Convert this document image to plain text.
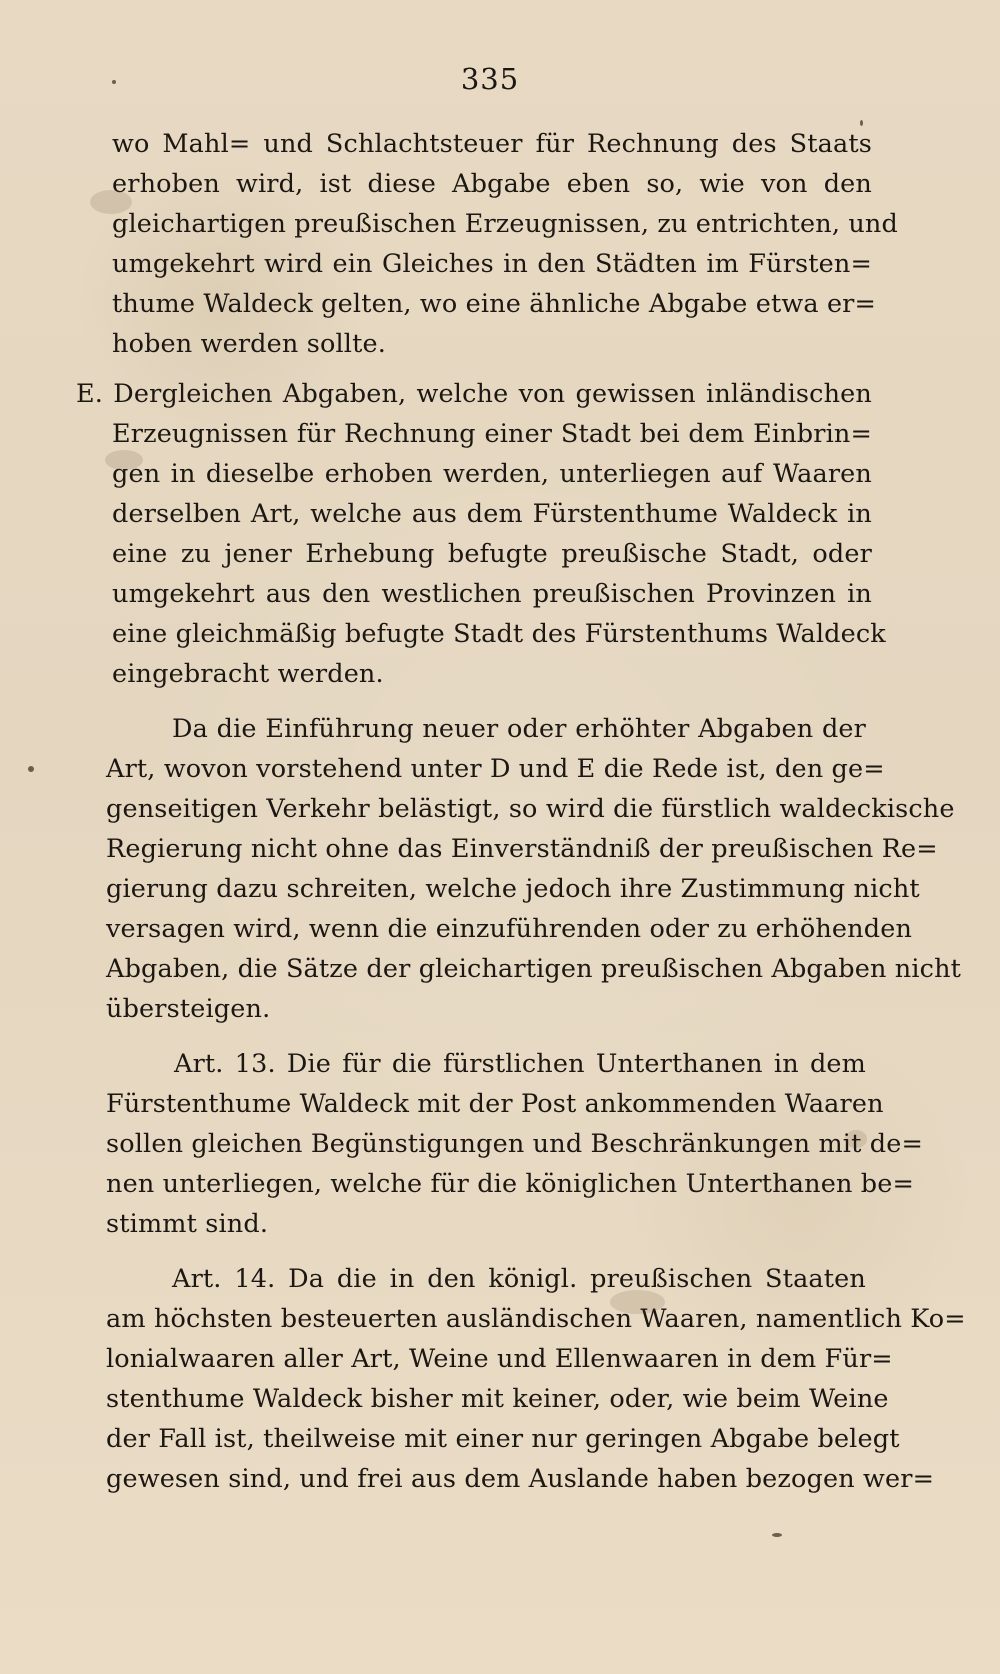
335
wo Mahl= und Schlachtsteuer für Rechnung des Staats
erhoben wird, ist diese Abgabe eben so, wie von den
gleichartigen preußischen Erzeugnissen, zu entrichten, und
umgekehrt wird ein Gleiches in den Städten im Fürsten=
thume Waldeck gelten, wo eine ähnliche Abgabe etwa er=
hoben werden sollte.
E. Dergleichen Abgaben, welche von gewissen inländischen
Erzeugnissen für Rechnung einer Stadt bei dem Einbrin=
gen in dieselbe erhoben werden, unterliegen auf Waaren
derselben Art, welche aus dem Fürstenthume Waldeck in
eine zu jener Erhebung befugte preußische Stadt, oder
umgekehrt aus den westlichen preußischen Provinzen in
eine gleichmäßig befugte Stadt des Fürstenthums Waldeck
eingebracht werden.
Da die Einführung neuer oder erhöhter Abgaben der
Art, wovon vorstehend unter D und E die Rede ist, den ge=
genseitigen Verkehr belästigt, so wird die fürstlich waldeckische
Regierung nicht ohne das Einverständniß der preußischen Re=
gierung dazu schreiten, welche jedoch ihre Zustimmung nicht
versagen wird, wenn die einzuführenden oder zu erhöhenden
Abgaben, die Sätze der gleichartigen preußischen Abgaben nicht
übersteigen.
Art. 13. Die für die fürstlichen Unterthanen in dem
Fürstenthume Waldeck mit der Post ankommenden Waaren
sollen gleichen Begünstigungen und Beschränkungen mit de=
nen unterliegen, welche für die königlichen Unterthanen be=
stimmt sind.
Art. 14. Da die in den königl. preußischen Staaten
am höchsten besteuerten ausländischen Waaren, namentlich Ko=
lonialwaaren aller Art, Weine und Ellenwaaren in dem Für=
stenthume Waldeck bisher mit keiner, oder, wie beim Weine
der Fall ist, theilweise mit einer nur geringen Abgabe belegt
gewesen sind, und frei aus dem Auslande haben bezogen wer=
